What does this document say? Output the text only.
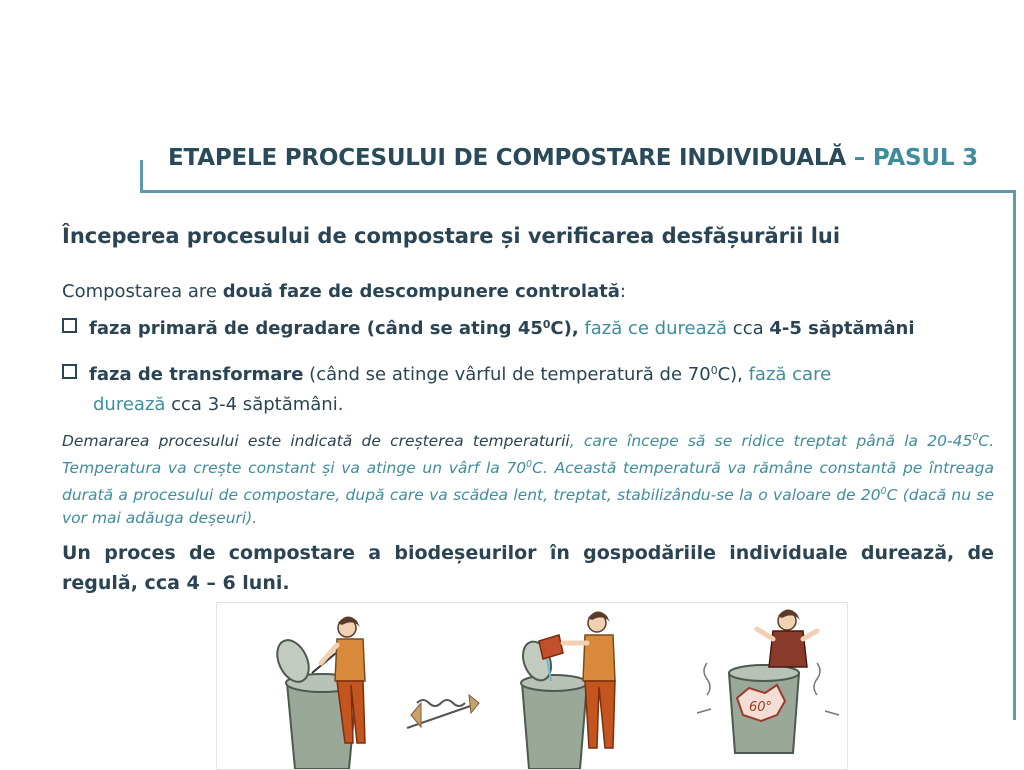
ETAPELE PROCESULUI DE COMPOSTARE INDIVIDUALĂ – PASUL 3
Începerea procesului de compostare și verificarea desfășurării lui
Compostarea are două faze de descompunere controlată:
faza primară de degradare (când se ating $45^0C$), fază ce durează cca 4-5 săptămâni
faza de transformare (când se atinge vârful de temperatură de $70^0C$), fază care
durează cca 3-4 săptămâni.
Demararea procesului este indicată de creșterea temperaturii, care începe să se ridice treptat până la $20-45^0C$. Temperatura va crește constant și va atinge un vârf la $70^0C$. Această temperatură va rămâne constantă pe întreaga durată a procesului de compostare, după care va scădea lent, treptat, stabilizându-se la o valoare de $20^0C$ (dacă nu se vor mai adăuga deșeuri).
Un proces de compostare a biodeșeurilor în gospodăriile individuale durează, de regulă, cca 4 – 6 luni.
60°
